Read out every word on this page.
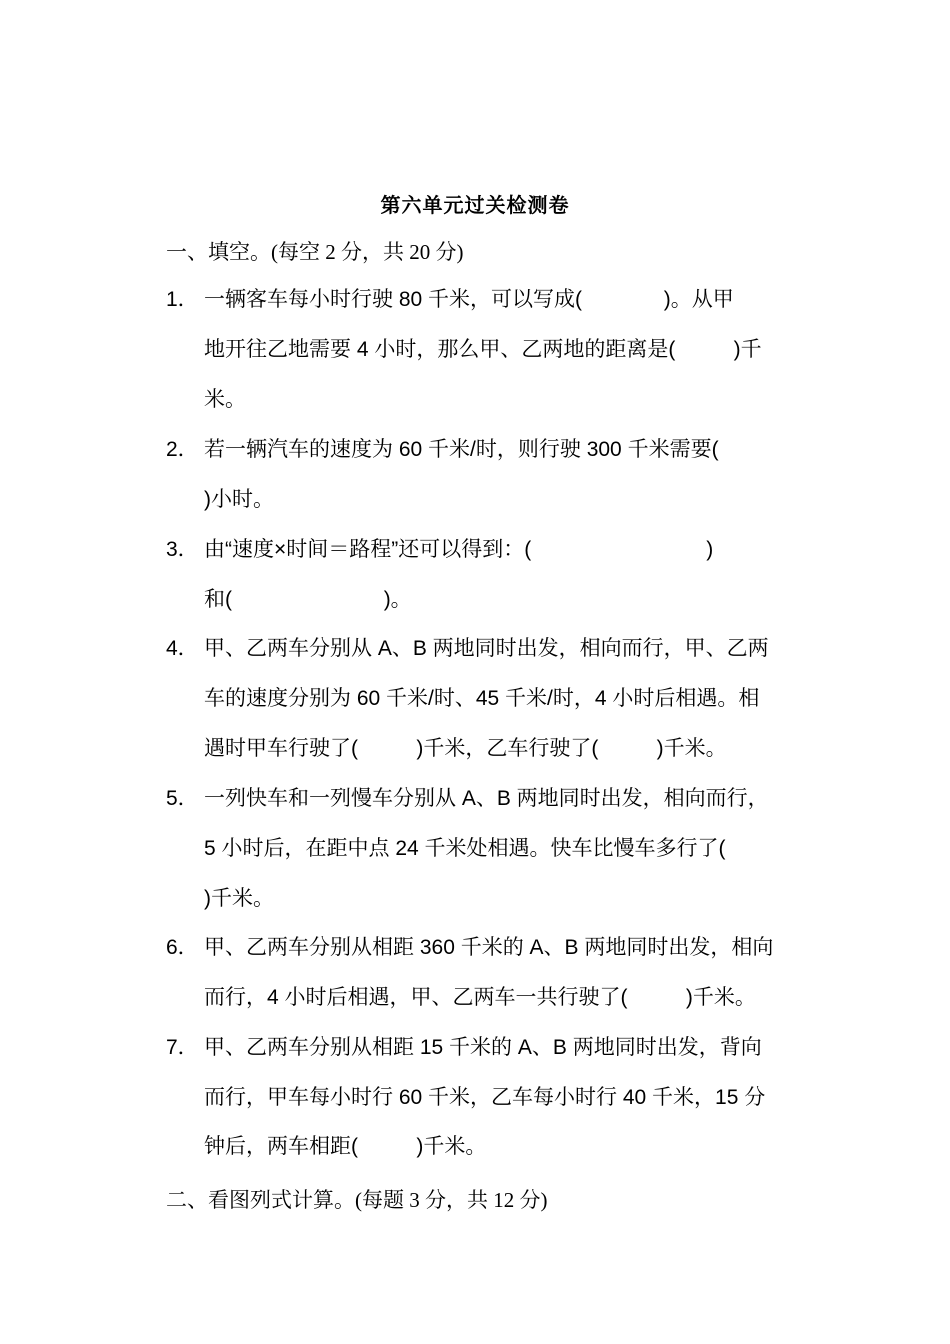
第六单元过关检测卷
一、填空。(每空 2 分，共 20 分)
1． 一辆客车每小时行驶 80 千米，可以写成(              )。从甲
地开往乙地需要 4 小时，那么甲、乙两地的距离是(          )千
米。
2． 若一辆汽车的速度为 60 千米/时，则行驶 300 千米需要(
)小时。
3． 由“速度×时间＝路程”还可以得到：(                              )
和(                          )。
4． 甲、乙两车分别从 A、B 两地同时出发，相向而行，甲、乙两
车的速度分别为 60 千米/时、45 千米/时，4 小时后相遇。相
遇时甲车行驶了(          )千米，乙车行驶了(          )千米。
5． 一列快车和一列慢车分别从 A、B 两地同时出发，相向而行，
5 小时后，在距中点 24 千米处相遇。快车比慢车多行了(
)千米。
6． 甲、乙两车分别从相距 360 千米的 A、B 两地同时出发，相向
而行，4 小时后相遇，甲、乙两车一共行驶了(          )千米。
7． 甲、乙两车分别从相距 15 千米的 A、B 两地同时出发，背向
而行，甲车每小时行 60 千米，乙车每小时行 40 千米，15 分
钟后，两车相距(          )千米。
二、看图列式计算。(每题 3 分，共 12 分)
